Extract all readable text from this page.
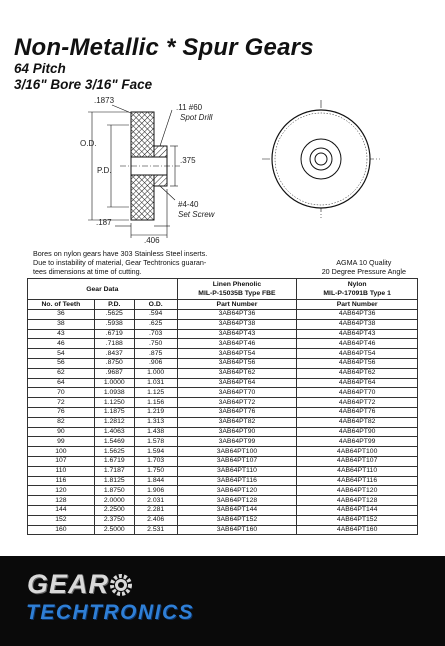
Non-Metallic * Spur Gears
64 Pitch
3/16" Bore 3/16" Face
.1873
.11 #60
Spot Drill
O.D.
P.D.
.375
#4-40
Set Screw
.187
.406
Bores on nylon gears have 303 Stainless Steel inserts.
Due to instability of material, Gear Techtronics guaran-
tees dimensions at time of cutting.
AGMA 10 Quality
20 Degree Pressure Angle
Gear Data			Linen Phenolic
MIL-P-15035B Type FBE	Nylon
MIL-P-17091B Type 1
No. of Teeth	P.D.	O.D.	Part Number	Part Number
36	.5625	.594	3AB64PT36	4AB64PT36
38	.5938	.625	3AB64PT38	4AB64PT38
43	.6719	.703	3AB64PT43	4AB64PT43
46	.7188	.750	3AB64PT46	4AB64PT46
54	.8437	.875	3AB64PT54	4AB64PT54
56	.8750	.906	3AB64PT56	4AB64PT56
62	.9687	1.000	3AB64PT62	4AB64PT62
64	1.0000	1.031	3AB64PT64	4AB64PT64
70	1.0938	1.125	3AB64PT70	4AB64PT70
72	1.1250	1.156	3AB64PT72	4AB64PT72
76	1.1875	1.219	3AB64PT76	4AB64PT76
82	1.2812	1.313	3AB64PT82	4AB64PT82
90	1.4063	1.438	3AB64PT90	4AB64PT90
99	1.5469	1.578	3AB64PT99	4AB64PT99
100	1.5625	1.594	3AB64PT100	4AB64PT100
107	1.6719	1.703	3AB64PT107	4AB64PT107
110	1.7187	1.750	3AB64PT110	4AB64PT110
116	1.8125	1.844	3AB64PT116	4AB64PT116
120	1.8750	1.906	3AB64PT120	4AB64PT120
128	2.0000	2.031	3AB64PT128	4AB64PT128
144	2.2500	2.281	3AB64PT144	4AB64PT144
152	2.3750	2.406	3AB64PT152	4AB64PT152
160	2.5000	2.531	3AB64PT160	4AB64PT160
GEAR
TECHTRONICS
